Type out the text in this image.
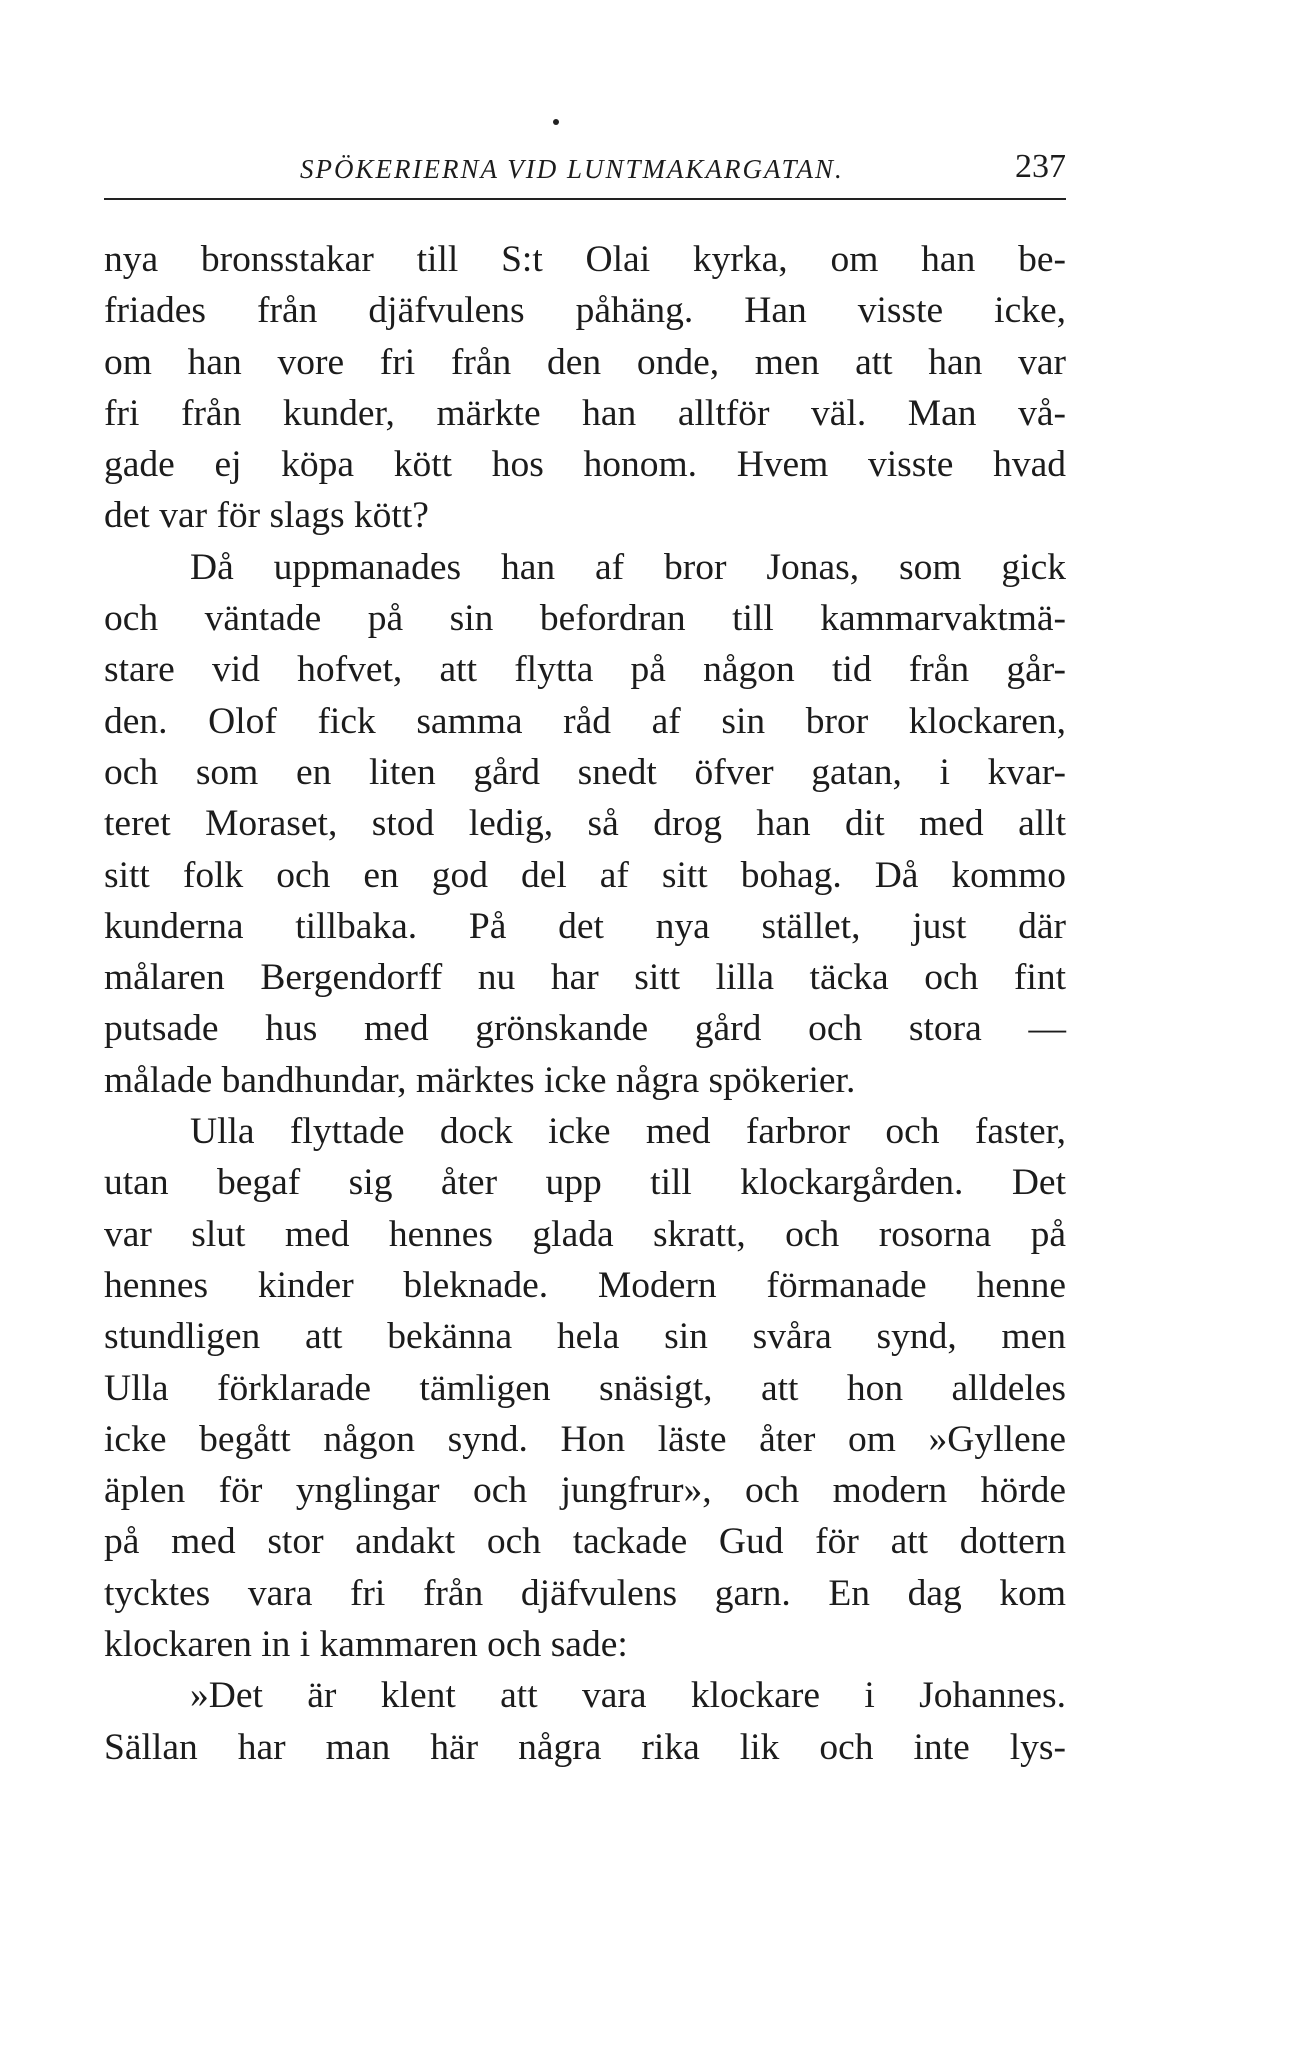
SPÖKERIERNA VID LUNTMAKARGATAN.	237
nya bronsstakar till S:t Olai kyrka, om han be-
friades från djäfvulens påhäng. Han visste icke,
om han vore fri från den onde, men att han var
fri från kunder, märkte han alltför väl. Man vå-
gade ej köpa kött hos honom. Hvem visste hvad
det var för slags kött?
Då uppmanades han af bror Jonas, som gick
och väntade på sin befordran till kammarvaktmä-
stare vid hofvet, att flytta på någon tid från går-
den. Olof fick samma råd af sin bror klockaren,
och som en liten gård snedt öfver gatan, i kvar-
teret Moraset, stod ledig, så drog han dit med allt
sitt folk och en god del af sitt bohag. Då kommo
kunderna tillbaka. På det nya stället, just där
målaren Bergendorff nu har sitt lilla täcka och fint
putsade hus med grönskande gård och stora —
målade bandhundar, märktes icke några spökerier.
Ulla flyttade dock icke med farbror och faster,
utan begaf sig åter upp till klockargården. Det
var slut med hennes glada skratt, och rosorna på
hennes kinder bleknade. Modern förmanade henne
stundligen att bekänna hela sin svåra synd, men
Ulla förklarade tämligen snäsigt, att hon alldeles
icke begått någon synd. Hon läste åter om »Gyllene
äplen för ynglingar och jungfrur», och modern hörde
på med stor andakt och tackade Gud för att dottern
tycktes vara fri från djäfvulens garn. En dag kom
klockaren in i kammaren och sade:
»Det är klent att vara klockare i Johannes.
Sällan har man här några rika lik och inte lys-
